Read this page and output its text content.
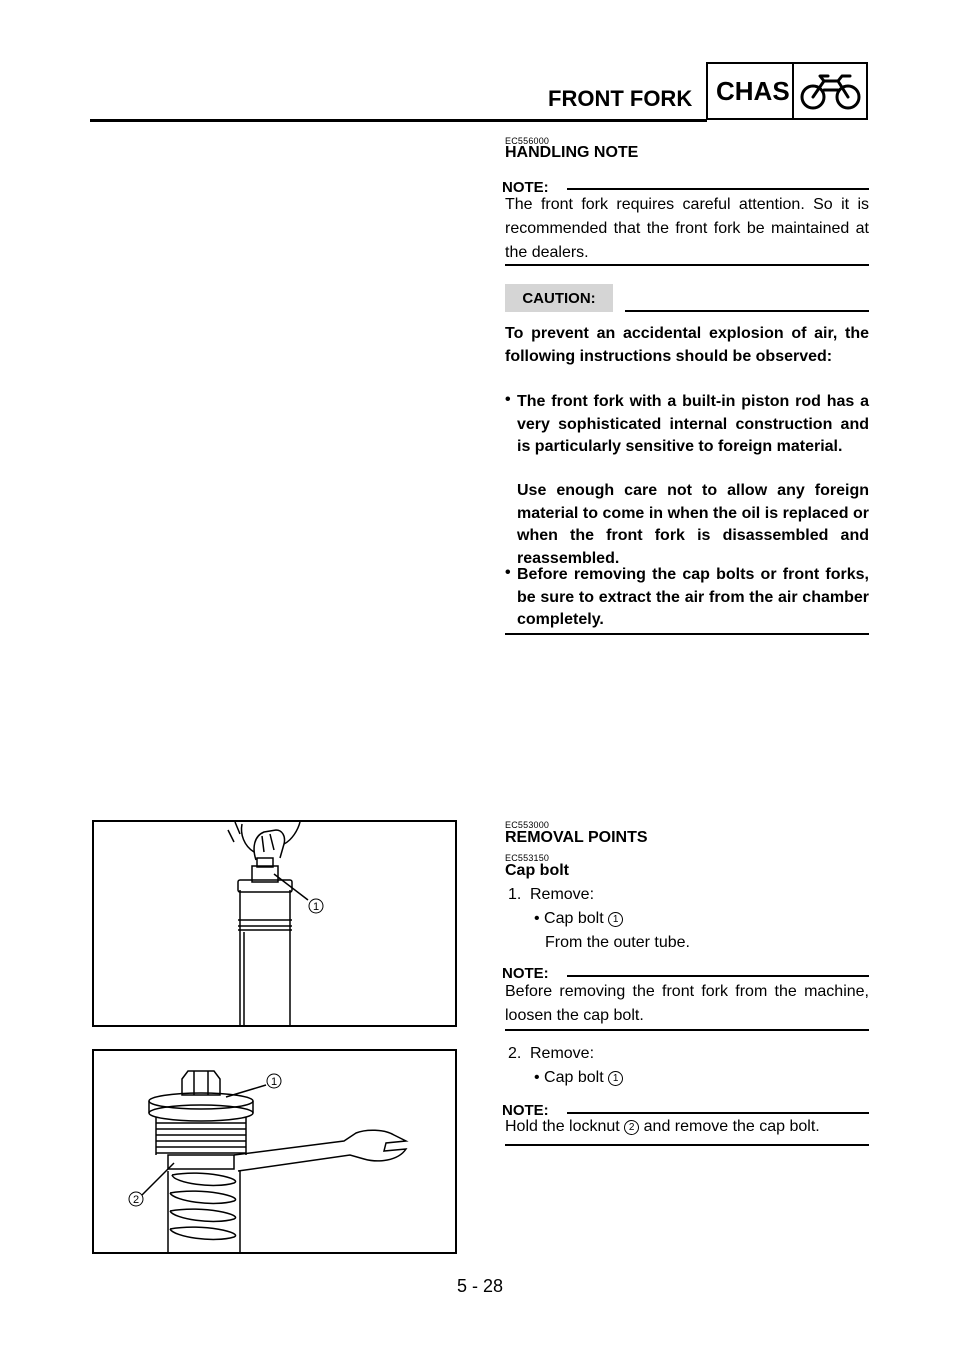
FRONT FORK CHAS
EC556000
HANDLING NOTE
NOTE:
The front fork requires careful attention. So it is recommended that the front fork be maintained at the dealers.
CAUTION:
To prevent an accidental explosion of air, the following instructions should be observed:
• The front fork with a built-in piston rod has a very sophisticated internal construction and is particularly sensitive to foreign material.
Use enough care not to allow any foreign material to come in when the oil is replaced or when the front fork is disassembled and reassembled.
• Before removing the cap bolts or front forks, be sure to extract the air from the air chamber completely.
EC553000
REMOVAL POINTS
EC553150
Cap bolt
1. Remove:
• Cap bolt 1
From the outer tube.
NOTE:
Before removing the front fork from the machine, loosen the cap bolt.
2. Remove:
• Cap bolt 1
NOTE:
Hold the locknut 2 and remove the cap bolt.
1
1
2
5 - 28
